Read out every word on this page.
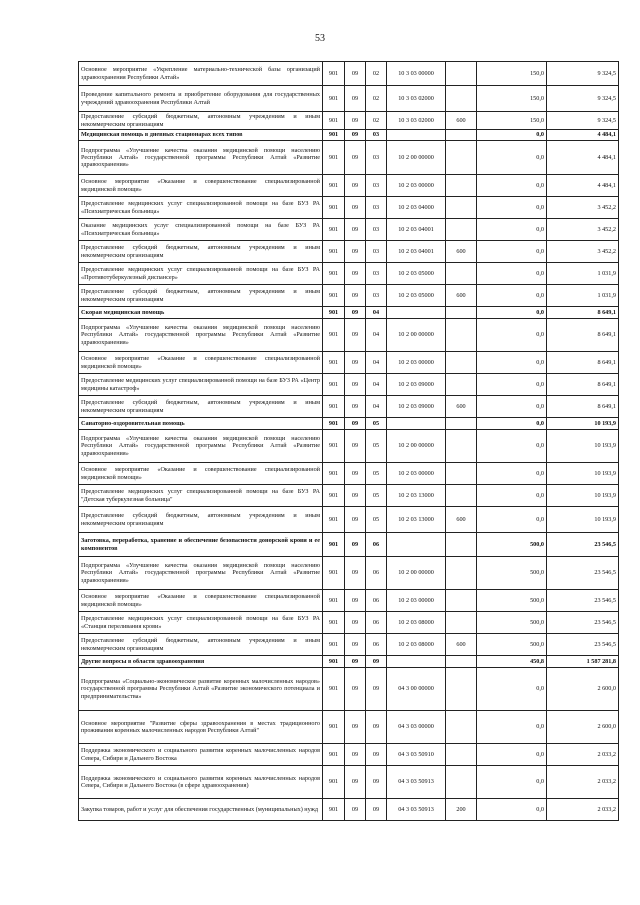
53
Основное мероприятие «Укрепление материально-технической базы организаций здравоохранения Республики Алтай»	901	09	02	10 3 03 00000		150,0	9 324,5
Проведение капитального ремонта и приобретение оборудования для государственных учреждений здравоохранения Республики Алтай	901	09	02	10 3 03 02000		150,0	9 324,5
Предоставление субсидий бюджетным, автономным учреждениям и иным некоммерческим организациям	901	09	02	10 3 03 02000	600	150,0	9 324,5
Медицинская помощь в дневных стационарах всех типов	901	09	03			0,0	4 484,1
Подпрограмма «Улучшение качества оказания медицинской помощи населению Республики Алтай» государственной программы Республики Алтай «Развитие здравоохранения»	901	09	03	10 2 00 00000		0,0	4 484,1
Основное мероприятие «Оказание и совершенствование специализированной медицинской помощи»	901	09	03	10 2 03 00000		0,0	4 484,1
Предоставление медицинских услуг специализированной помощи на базе БУЗ РА «Психиатрическая больница»	901	09	03	10 2 03 04000		0,0	3 452,2
Оказание медицинских услуг специализированной помощи на базе БУЗ РА «Психиатрическая больница»	901	09	03	10 2 03 04001		0,0	3 452,2
Предоставление субсидий бюджетным, автономным учреждениям и иным некоммерческим организациям	901	09	03	10 2 03 04001	600	0,0	3 452,2
Предоставление медицинских услуг специализированной помощи на базе БУЗ РА «Противотуберкулезный диспансер»	901	09	03	10 2 03 05000		0,0	1 031,9
Предоставление субсидий бюджетным, автономным учреждениям и иным некоммерческим организациям	901	09	03	10 2 03 05000	600	0,0	1 031,9
Скорая медицинская помощь	901	09	04			0,0	8 649,1
Подпрограмма «Улучшение качества оказания медицинской помощи населению Республики Алтай» государственной программы Республики Алтай «Развитие здравоохранения»	901	09	04	10 2 00 00000		0,0	8 649,1
Основное мероприятие «Оказание и совершенствование специализированной медицинской помощи»	901	09	04	10 2 03 00000		0,0	8 649,1
Предоставление медицинских услуг специализированной помощи на базе БУЗ РА «Центр медицины катастроф»	901	09	04	10 2 03 09000		0,0	8 649,1
Предоставление субсидий бюджетным, автономным учреждениям и иным некоммерческим организациям	901	09	04	10 2 03 09000	600	0,0	8 649,1
Санаторно-оздоровительная помощь	901	09	05			0,0	10 193,9
Подпрограмма «Улучшение качества оказания медицинской помощи населению Республики Алтай» государственной программы Республики Алтай «Развитие здравоохранения»	901	09	05	10 2 00 00000		0,0	10 193,9
Основное мероприятие «Оказание и совершенствование специализированной медицинской помощи»	901	09	05	10 2 03 00000		0,0	10 193,9
Предоставление медицинских услуг специализированной помощи на базе БУЗ РА "Детская туберкулезная больница"	901	09	05	10 2 03 13000		0,0	10 193,9
Предоставление субсидий бюджетным, автономным учреждениям и иным некоммерческим организациям	901	09	05	10 2 03 13000	600	0,0	10 193,9
Заготовка, переработка, хранение и обеспечение безопасности донорской крови и ее компонентов	901	09	06			500,0	23 546,5
Подпрограмма «Улучшение качества оказания медицинской помощи населению Республики Алтай» государственной программы Республики Алтай «Развитие здравоохранения»	901	09	06	10 2 00 00000		500,0	23 546,5
Основное мероприятие «Оказание и совершенствование специализированной медицинской помощи»	901	09	06	10 2 03 00000		500,0	23 546,5
Предоставление медицинских услуг специализированной помощи на базе БУЗ РА «Станция переливания крови»	901	09	06	10 2 03 08000		500,0	23 546,5
Предоставление субсидий бюджетным, автономным учреждениям и иным некоммерческим организациям	901	09	06	10 2 03 08000	600	500,0	23 546,5
Другие вопросы в области здравоохранения	901	09	09			450,8	1 587 281,8
Подпрограмма «Социально-экономическое развитие коренных малочисленных народов» государственной программы Республики Алтай «Развитие экономического потенциала и предпринимательства»	901	09	09	04 3 00 00000		0,0	2 600,0
Основное мероприятие "Развитие сферы здравоохранения в местах традиционного проживания коренных малочисленных народов Республики Алтай"	901	09	09	04 3 03 00000		0,0	2 600,0
Поддержка экономического и социального развития коренных малочисленных народов Севера, Сибири и Дальнего Востока	901	09	09	04 3 03 50910		0,0	2 033,2
Поддержка экономического и социального развития коренных малочисленных народов Севера, Сибири и Дальнего Востока (в сфере здравоохранения)	901	09	09	04 3 03 50913		0,0	2 033,2
Закупка товаров, работ и услуг для обеспечения государственных (муниципальных) нужд	901	09	09	04 3 03 50913	200	0,0	2 033,2
